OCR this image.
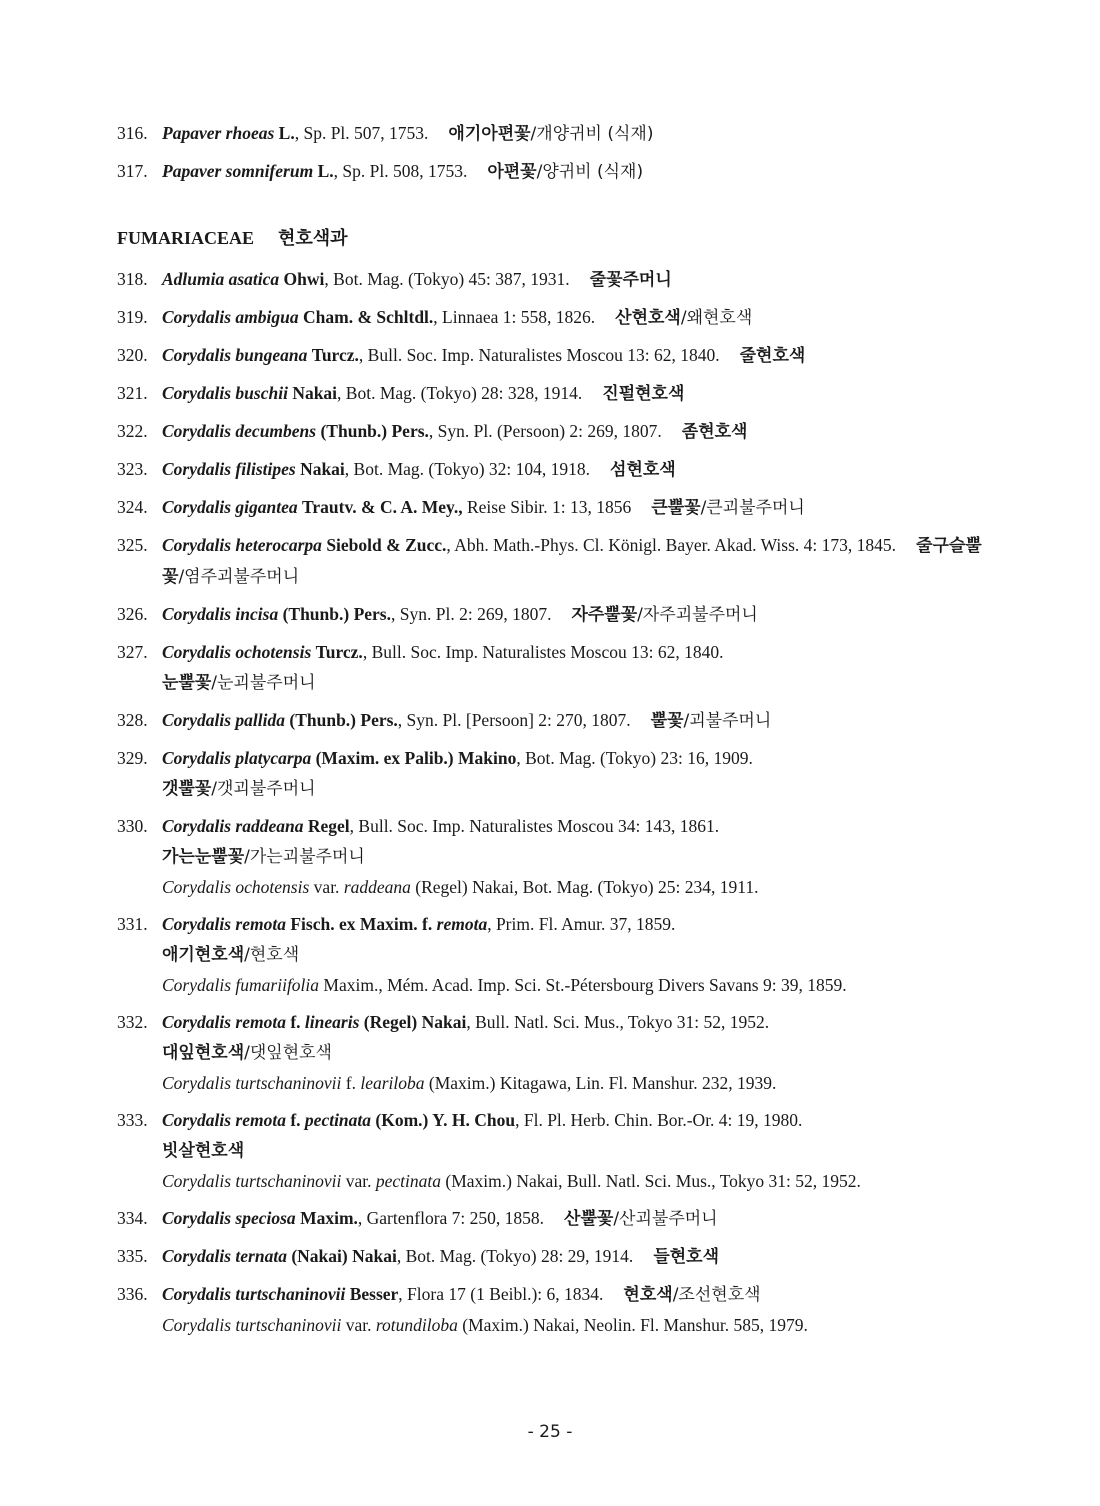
316. Papaver rhoeas L., Sp. Pl. 507, 1753. 애기아편꽃/개양귀비 (식재)
317. Papaver somniferum L., Sp. Pl. 508, 1753. 아편꽃/양귀비 (식재)
FUMARIACEAE 현호색과
318. Adlumia asatica Ohwi, Bot. Mag. (Tokyo) 45: 387, 1931. 줄꽃주머니
319. Corydalis ambigua Cham. & Schltdl., Linnaea 1: 558, 1826. 산현호색/왜현호색
320. Corydalis bungeana Turcz., Bull. Soc. Imp. Naturalistes Moscou 13: 62, 1840. 줄현호색
321. Corydalis buschii Nakai, Bot. Mag. (Tokyo) 28: 328, 1914. 진펄현호색
322. Corydalis decumbens (Thunb.) Pers., Syn. Pl. (Persoon) 2: 269, 1807. 좀현호색
323. Corydalis filistipes Nakai, Bot. Mag. (Tokyo) 32: 104, 1918. 섬현호색
324. Corydalis gigantea Trautv. & C. A. Mey., Reise Sibir. 1: 13, 1856 큰뿔꽃/큰괴불주머니
325. Corydalis heterocarpa Siebold & Zucc., Abh. Math.-Phys. Cl. Königl. Bayer. Akad. Wiss. 4: 173, 1845. 줄구슬뿔꽃/염주괴불주머니
326. Corydalis incisa (Thunb.) Pers., Syn. Pl. 2: 269, 1807. 자주뿔꽃/자주괴불주머니
327. Corydalis ochotensis Turcz., Bull. Soc. Imp. Naturalistes Moscou 13: 62, 1840.
눈뿔꽃/눈괴불주머니
328. Corydalis pallida (Thunb.) Pers., Syn. Pl. [Persoon] 2: 270, 1807. 뿔꽃/괴불주머니
329. Corydalis platycarpa (Maxim. ex Palib.) Makino, Bot. Mag. (Tokyo) 23: 16, 1909.
갯뿔꽃/갯괴불주머니
330. Corydalis raddeana Regel, Bull. Soc. Imp. Naturalistes Moscou 34: 143, 1861.
가는눈뿔꽃/가는괴불주머니
Corydalis ochotensis var. raddeana (Regel) Nakai, Bot. Mag. (Tokyo) 25: 234, 1911.
331. Corydalis remota Fisch. ex Maxim. f. remota, Prim. Fl. Amur. 37, 1859.
애기현호색/현호색
Corydalis fumariifolia Maxim., Mém. Acad. Imp. Sci. St.-Pétersbourg Divers Savans 9: 39, 1859.
332. Corydalis remota f. linearis (Regel) Nakai, Bull. Natl. Sci. Mus., Tokyo 31: 52, 1952.
대잎현호색/댓잎현호색
Corydalis turtschaninovii f. leariloba (Maxim.) Kitagawa, Lin. Fl. Manshur. 232, 1939.
333. Corydalis remota f. pectinata (Kom.) Y. H. Chou, Fl. Pl. Herb. Chin. Bor.-Or. 4: 19, 1980.
빗살현호색
Corydalis turtschaninovii var. pectinata (Maxim.) Nakai, Bull. Natl. Sci. Mus., Tokyo 31: 52, 1952.
334. Corydalis speciosa Maxim., Gartenflora 7: 250, 1858. 산뿔꽃/산괴불주머니
335. Corydalis ternata (Nakai) Nakai, Bot. Mag. (Tokyo) 28: 29, 1914. 들현호색
336. Corydalis turtschaninovii Besser, Flora 17 (1 Beibl.): 6, 1834. 현호색/조선현호색
Corydalis turtschaninovii var. rotundiloba (Maxim.) Nakai, Neolin. Fl. Manshur. 585, 1979.
- 25 -
